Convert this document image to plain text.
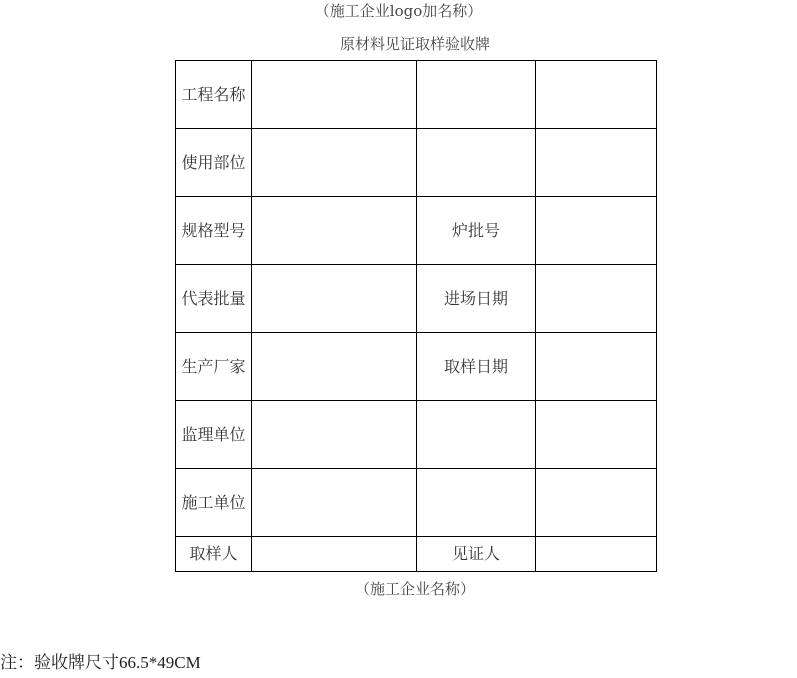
（施工企业logo加名称）
原材料见证取样验收牌
工程名称			
使用部位			
规格型号		炉批号	
代表批量		进场日期	
生产厂家		取样日期	
监理单位			
施工单位			
取样人		见证人	
（施工企业名称）
注：验收牌尺寸66.5*49CM
